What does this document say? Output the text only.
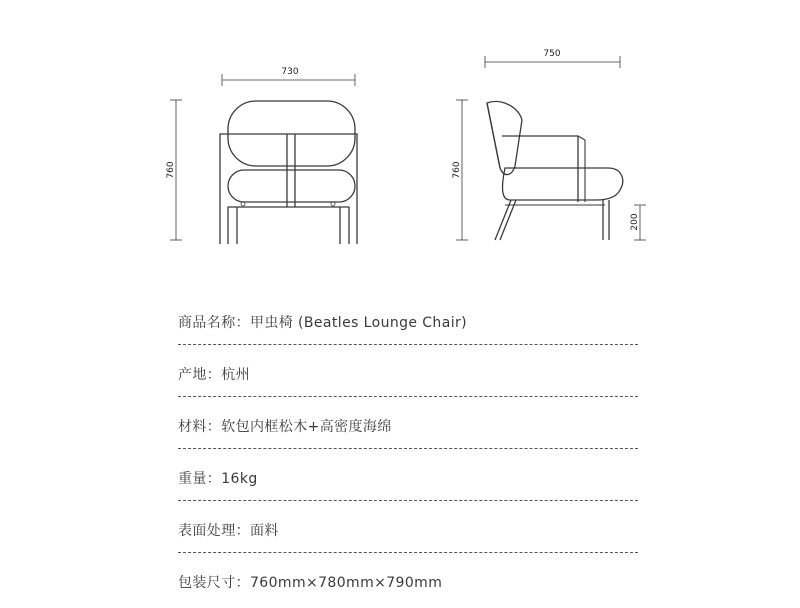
730
760
750
760
200
商品名称：甲虫椅 (Beatles Lounge Chair)
产地：杭州
材料：软包内框松木+高密度海绵
重量：16kg
表面处理：面料
包装尺寸：760mm×780mm×790mm
